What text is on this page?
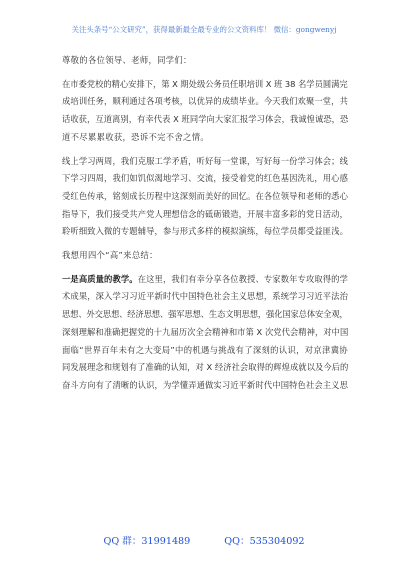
关注头条号“公文研究”，获得最新最全最专业的公文资料库！ 微信：gongwenyj

尊敬的各位领导、老师，同学们：

在市委党校的精心安排下，第 X 期处级公务员任职培训 X 班 38 名学员圆满完
成培训任务，顺利通过各项考核，以优异的成绩毕业。今天我们欢聚一堂，共
话收获，互道离别，有幸代表 X 班同学向大家汇报学习体会，我诚惶诚恐，恐
道不尽累累收获，恐诉不完不舍之情。

线上学习两周，我们克服工学矛盾，听好每一堂课，写好每一份学习体会；线
下学习四周，我们如饥似渴地学习、交流，接受着党的红色基因洗礼，用心感
受红色传承，铭刻成长历程中这深刻而美好的回忆。在各位领导和老师的悉心
指导下，我们接受共产党人理想信念的砥砺锻造，开展丰富多彩的党日活动，
聆听细致入微的专题辅导，参与形式多样的模拟演练，每位学员都受益匪浅。

我想用四个“高”来总结：

一是高质量的教学。在这里，我们有幸分享各位教授、专家数年专攻取得的学
术成果，深入学习习近平新时代中国特色社会主义思想，系统学习习近平法治
思想、外交思想、经济思想、强军思想、生态文明思想，强化国家总体安全观，
深刻理解和准确把握党的十九届历次全会精神和市第 X 次党代会精神，对中国
面临“世界百年未有之大变局”中的机遇与挑战有了深刻的认识，对京津冀协
同发展理念和规划有了准确的认知，对 X 经济社会取得的辉煌成就以及今后的
奋斗方向有了清晰的认识，为学懂弄通做实习近平新时代中国特色社会主义思

QQ 群：31991489	QQ：535304092
